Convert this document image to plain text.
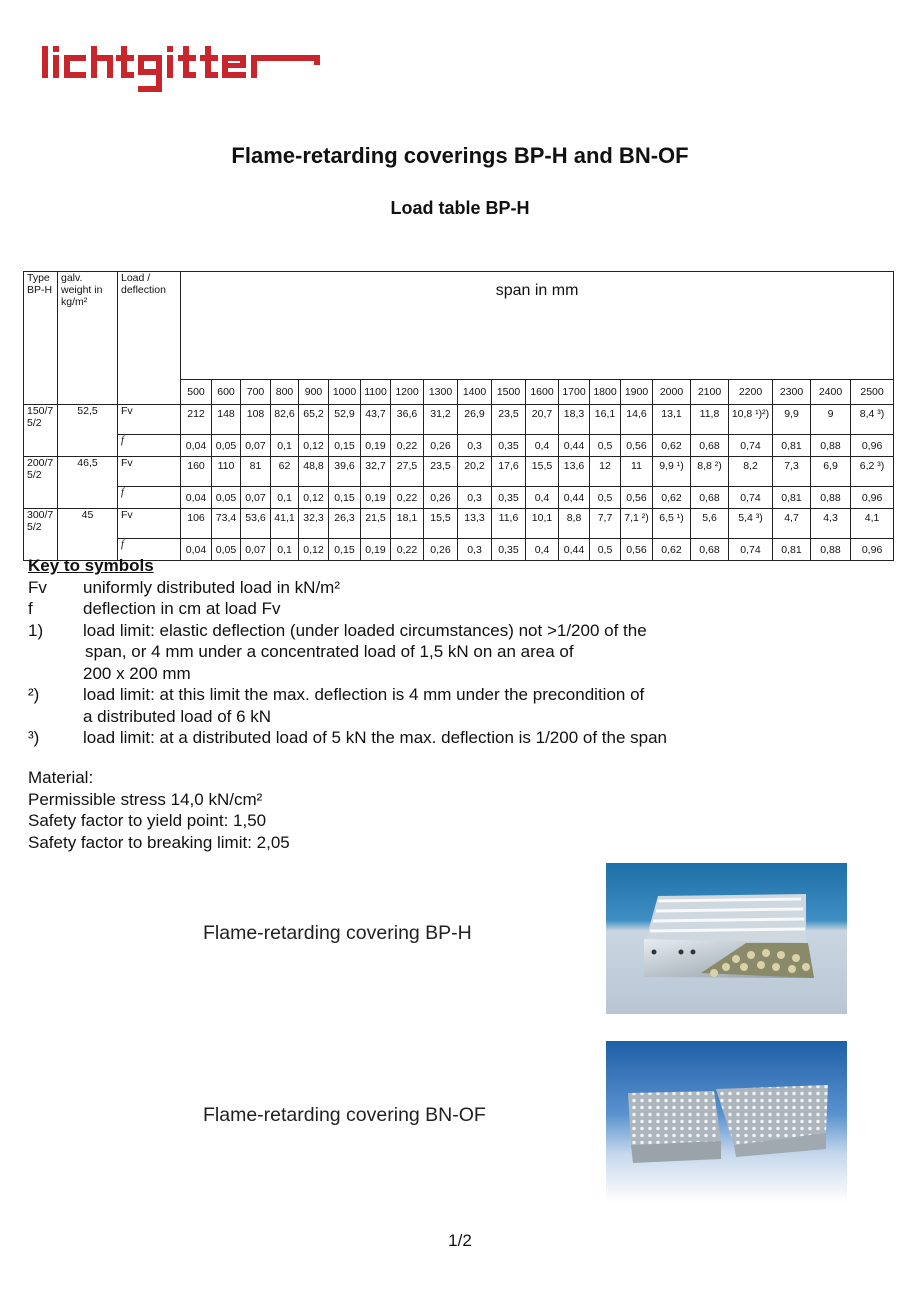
Flame-retarding coverings BP-H and BN-OF
Load table BP-H
Type BP-H	galv. weight in kg/m²	Load / deflection	span in mm																				
			500	600	700	800	900	1000	1100	1200	1300	1400	1500	1600	1700	1800	1900	2000	2100	2200	2300	2400	2500
150/7
5/2	52,5	Fv	212	148	108	82,6	65,2	52,9	43,7	36,6	31,2	26,9	23,5	20,7	18,3	16,1	14,6	13,1	11,8	10,8 ¹)²)	9,9	9	8,4 ³)
		f	0,04	0,05	0,07	0,1	0,12	0,15	0,19	0,22	0,26	0,3	0,35	0,4	0,44	0,5	0,56	0,62	0,68	0,74	0,81	0,88	0,96
200/7
5/2	46,5	Fv	160	110	81	62	48,8	39,6	32,7	27,5	23,5	20,2	17,6	15,5	13,6	12	11	9,9 ¹)	8,8 ²)	8,2	7,3	6,9	6,2 ³)
		f	0,04	0,05	0,07	0,1	0,12	0,15	0,19	0,22	0,26	0,3	0,35	0,4	0,44	0,5	0,56	0,62	0,68	0,74	0,81	0,88	0,96
300/7
5/2	45	Fv	106	73,4	53,6	41,1	32,3	26,3	21,5	18,1	15,5	13,3	11,6	10,1	8,8	7,7	7,1 ²)	6,5 ¹)	5,6	5,4 ³)	4,7	4,3	4,1
		f	0,04	0,05	0,07	0,1	0,12	0,15	0,19	0,22	0,26	0,3	0,35	0,4	0,44	0,5	0,56	0,62	0,68	0,74	0,81	0,88	0,96
Key to symbols
Fv	uniformly distributed load in kN/m²
f	deflection in cm at load Fv
1)	load limit: elastic deflection (under loaded circumstances) not >1/200 of the
span, or 4 mm under a concentrated load of 1,5 kN on an area of
200 x 200 mm
²)	load limit: at this limit the max. deflection is 4 mm under the precondition of
a distributed load of 6 kN
³)	load limit: at a distributed load of 5 kN the max. deflection is 1/200 of the span
Material:
Permissible stress 14,0 kN/cm²
Safety factor to yield point: 1,50
Safety factor to breaking limit: 2,05
Flame-retarding covering BP-H
Flame-retarding covering BN-OF
1/2
